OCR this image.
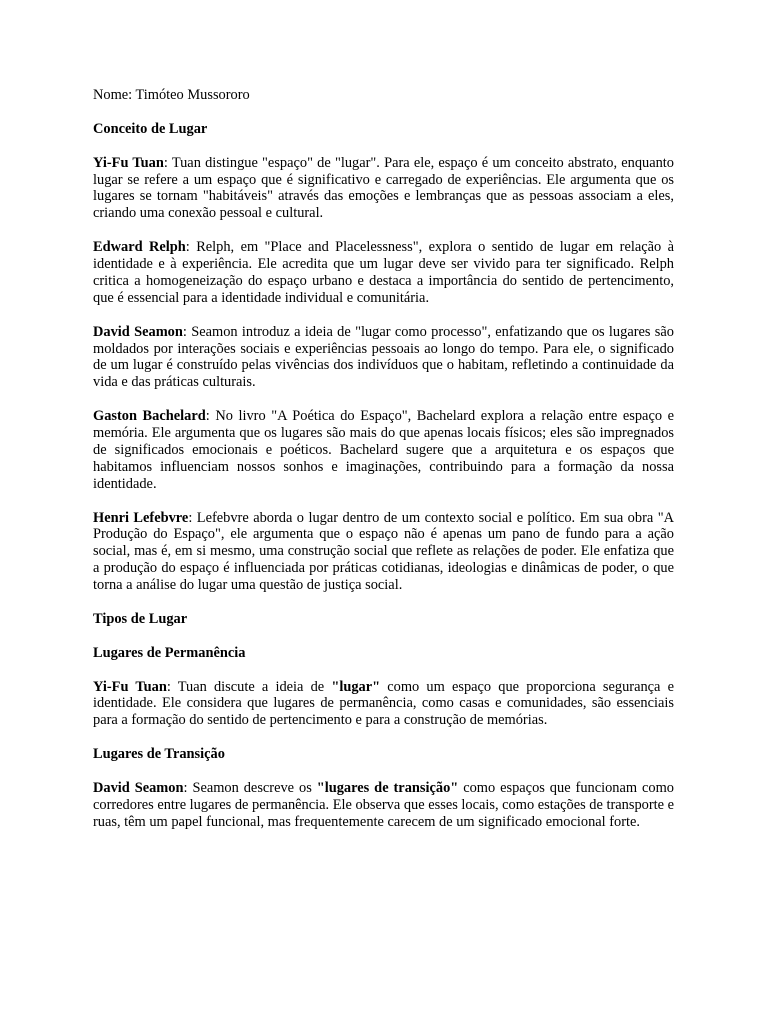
Nome: Timóteo Mussororo

Conceito de Lugar

Yi-Fu Tuan: Tuan distingue "espaço" de "lugar". Para ele, espaço é um conceito abstrato, enquanto lugar se refere a um espaço que é significativo e carregado de experiências. Ele argumenta que os lugares se tornam "habitáveis" através das emoções e lembranças que as pessoas associam a eles, criando uma conexão pessoal e cultural.

Edward Relph: Relph, em "Place and Placelessness", explora o sentido de lugar em relação à identidade e à experiência. Ele acredita que um lugar deve ser vivido para ter significado. Relph critica a homogeneização do espaço urbano e destaca a importância do sentido de pertencimento, que é essencial para a identidade individual e comunitária.

David Seamon: Seamon introduz a ideia de "lugar como processo", enfatizando que os lugares são moldados por interações sociais e experiências pessoais ao longo do tempo. Para ele, o significado de um lugar é construído pelas vivências dos indivíduos que o habitam, refletindo a continuidade da vida e das práticas culturais.

Gaston Bachelard: No livro "A Poética do Espaço", Bachelard explora a relação entre espaço e memória. Ele argumenta que os lugares são mais do que apenas locais físicos; eles são impregnados de significados emocionais e poéticos. Bachelard sugere que a arquitetura e os espaços que habitamos influenciam nossos sonhos e imaginações, contribuindo para a formação da nossa identidade.

Henri Lefebvre: Lefebvre aborda o lugar dentro de um contexto social e político. Em sua obra "A Produção do Espaço", ele argumenta que o espaço não é apenas um pano de fundo para a ação social, mas é, em si mesmo, uma construção social que reflete as relações de poder. Ele enfatiza que a produção do espaço é influenciada por práticas cotidianas, ideologias e dinâmicas de poder, o que torna a análise do lugar uma questão de justiça social.

Tipos de Lugar

Lugares de Permanência

Yi-Fu Tuan: Tuan discute a ideia de "lugar" como um espaço que proporciona segurança e identidade. Ele considera que lugares de permanência, como casas e comunidades, são essenciais para a formação do sentido de pertencimento e para a construção de memórias.

Lugares de Transição

David Seamon: Seamon descreve os "lugares de transição" como espaços que funcionam como corredores entre lugares de permanência. Ele observa que esses locais, como estações de transporte e ruas, têm um papel funcional, mas frequentemente carecem de um significado emocional forte.
